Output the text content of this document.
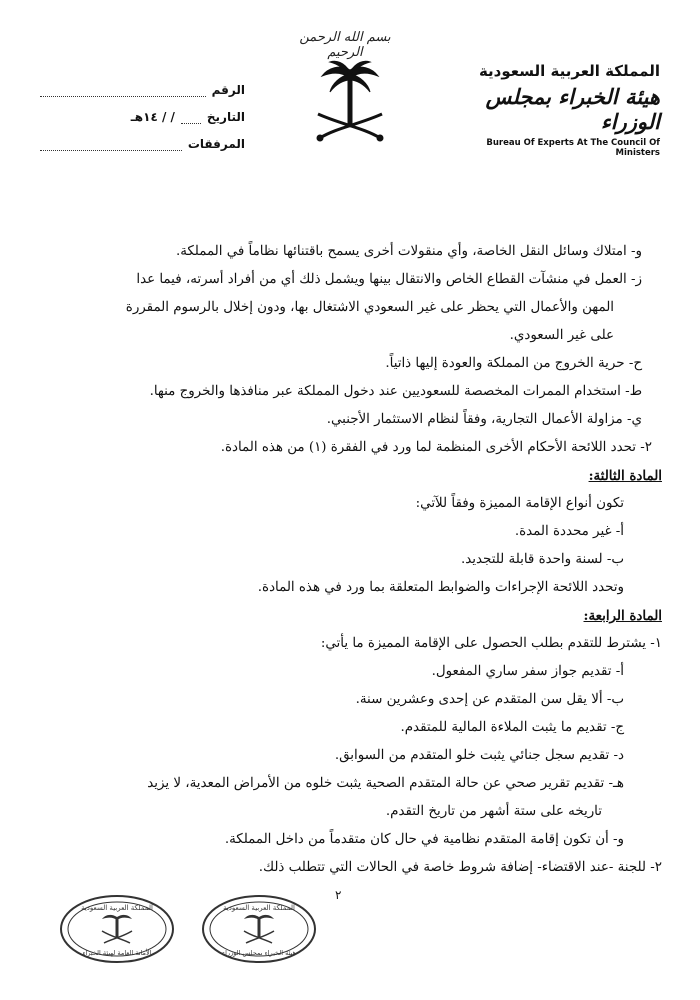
بسم الله الرحمن الرحيم
الرقم
التاريخ
/ / ١٤هـ
المرفقات
المملكة العربية السعودية
هيئة الخبراء بمجلس الوزراء
Bureau Of Experts At The Council Of Ministers
و- امتلاك وسائل النقل الخاصة، وأي منقولات أخرى يسمح باقتنائها نظاماً في المملكة.
ز- العمل في منشآت القطاع الخاص والانتقال بينها ويشمل ذلك أي من أفراد أسرته، فيما عدا
المهن والأعمال التي يحظر على غير السعودي الاشتغال بها، ودون إخلال بالرسوم المقررة
على غير السعودي.
ح- حرية الخروج من المملكة والعودة إليها ذاتياً.
ط- استخدام الممرات المخصصة للسعوديين عند دخول المملكة عبر منافذها والخروج منها.
ي- مزاولة الأعمال التجارية، وفقاً لنظام الاستثمار الأجنبي.
٢- تحدد اللائحة الأحكام الأخرى المنظمة لما ورد في الفقرة (١) من هذه المادة.
المادة الثالثة:
تكون أنواع الإقامة المميزة وفقاً للآتي:
أ- غير محددة المدة.
ب- لسنة واحدة قابلة للتجديد.
وتحدد اللائحة الإجراءات والضوابط المتعلقة بما ورد في هذه المادة.
المادة الرابعة:
١- يشترط للتقدم بطلب الحصول على الإقامة المميزة ما يأتي:
أ- تقديم جواز سفر ساري المفعول.
ب- ألا يقل سن المتقدم عن إحدى وعشرين سنة.
ج- تقديم ما يثبت الملاءة المالية للمتقدم.
د- تقديم سجل جنائي يثبت خلو المتقدم من السوابق.
هـ- تقديم تقرير صحي عن حالة المتقدم الصحية يثبت خلوه من الأمراض المعدية، لا يزيد
تاريخه على ستة أشهر من تاريخ التقدم.
و- أن تكون إقامة المتقدم نظامية في حال كان متقدماً من داخل المملكة.
٢- للجنة -عند الاقتضاء- إضافة شروط خاصة في الحالات التي تتطلب ذلك.
٢
المملكة العربية السعودية
الأمانة العامة لهيئة الخبراء
المملكة العربية السعودية
هيئة الخبراء بمجلس الوزراء
